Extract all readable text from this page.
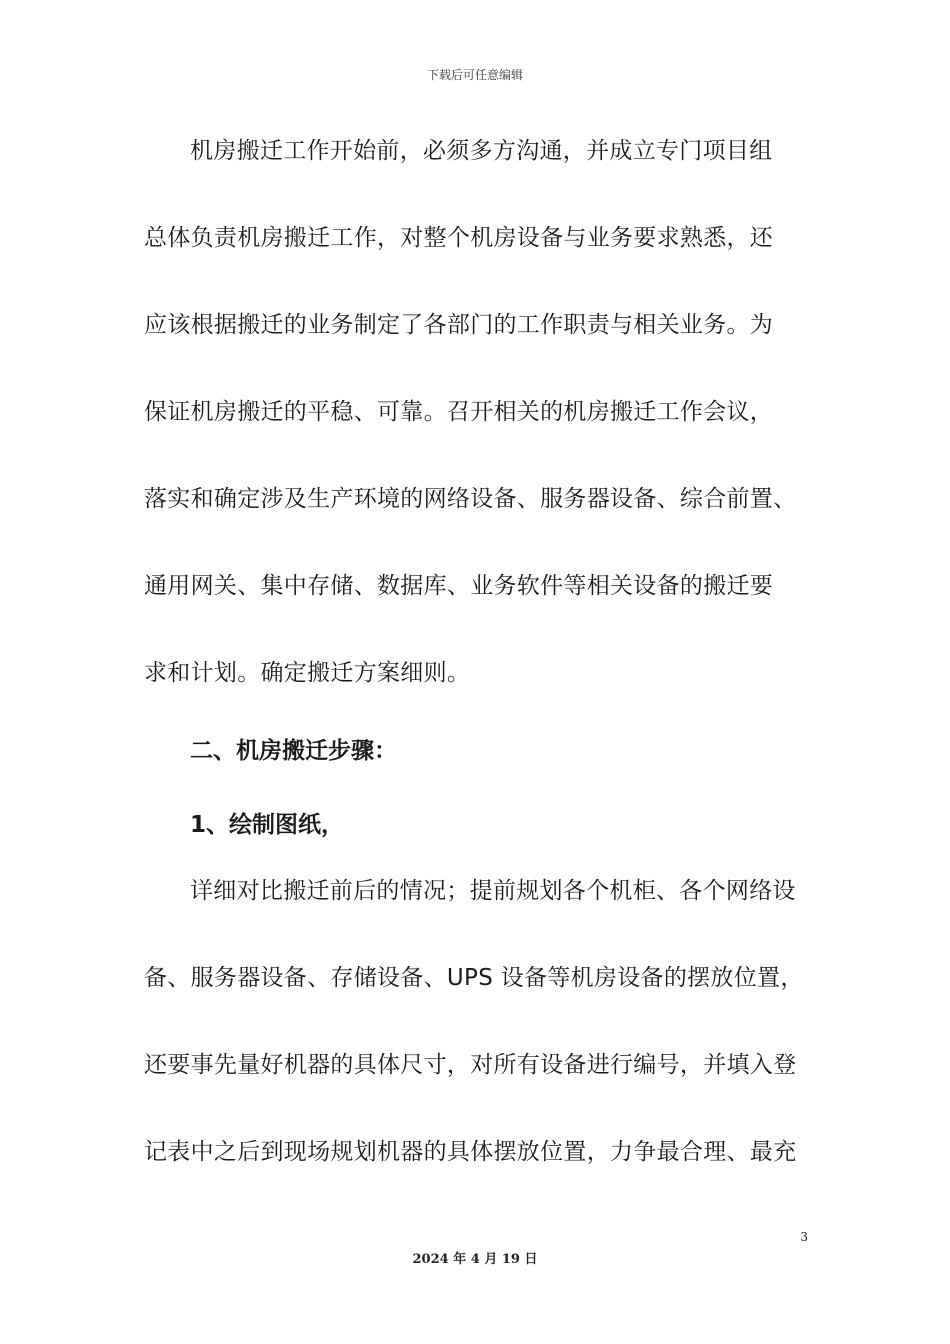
下载后可任意编辑
机房搬迁工作开始前，必须多方沟通，并成立专门项目组
总体负责机房搬迁工作，对整个机房设备与业务要求熟悉，还
应该根据搬迁的业务制定了各部门的工作职责与相关业务。为
保证机房搬迁的平稳、可靠。召开相关的机房搬迁工作会议，
落实和确定涉及生产环境的网络设备、服务器设备、综合前置、
通用网关、集中存储、数据库、业务软件等相关设备的搬迁要
求和计划。确定搬迁方案细则。
二、机房搬迁步骤：
1、绘制图纸，
详细对比搬迁前后的情况；提前规划各个机柜、各个网络设
备、服务器设备、存储设备、UPS 设备等机房设备的摆放位置，
还要事先量好机器的具体尺寸，对所有设备进行编号，并填入登
记表中之后到现场规划机器的具体摆放位置，力争最合理、最充
3
2024 年 4 月 19 日
